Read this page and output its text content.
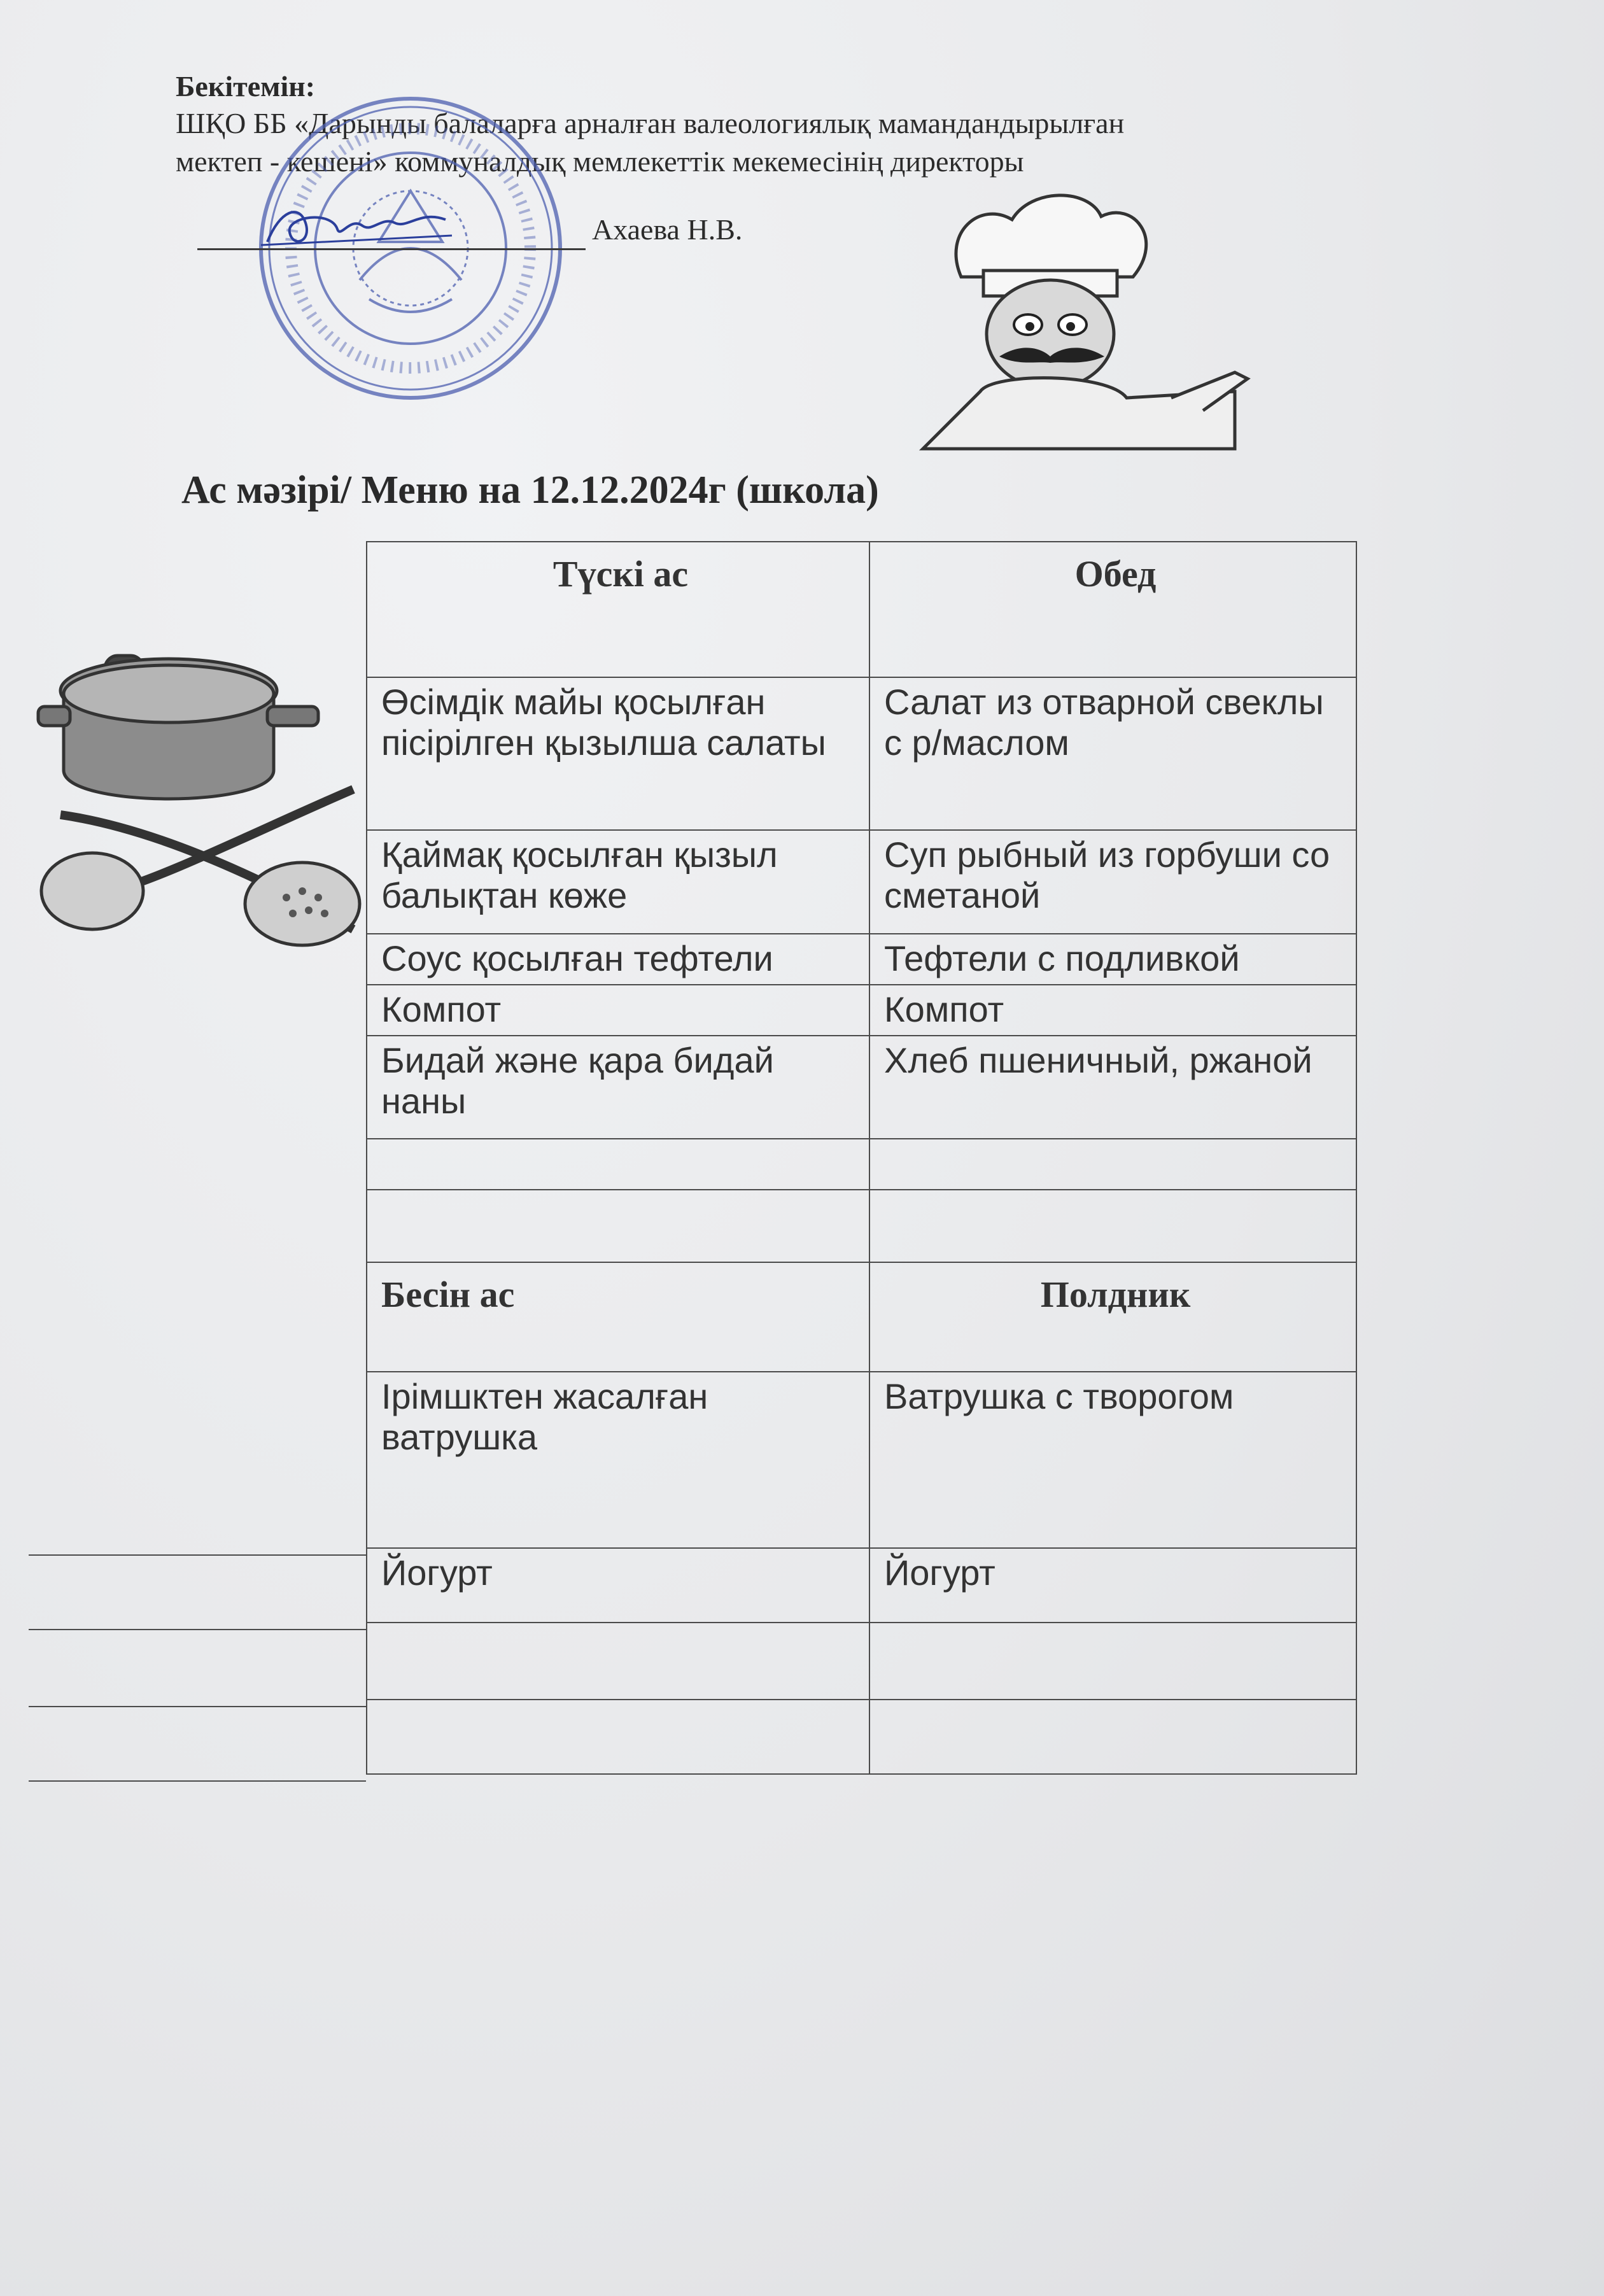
Бекітемін:
ШҚО ББ «Дарынды балаларға арналған валеологиялық мамандандырылған
мектеп - кешені» коммуналдық мемлекеттік мекемесінің директоры
Ахаева Н.В.
Ас мәзірі/ Меню на 12.12.2024г (школа)
Түскі ас	Обед
Өсімдік майы қосылған пісірілген қызылша салаты	Салат из отварной свеклы с р/маслом
Қаймақ қосылған қызыл балықтан көже	Суп рыбный из горбуши со сметаной
Соус қосылған тефтели	Тефтели с подливкой
Компот	Компот
Бидай және қара бидай наны	Хлеб пшеничный, ржаной

Бесін ас	Полдник
Ірімшктен жасалған ватрушка	Ватрушка с творогом
Йогурт	Йогурт
